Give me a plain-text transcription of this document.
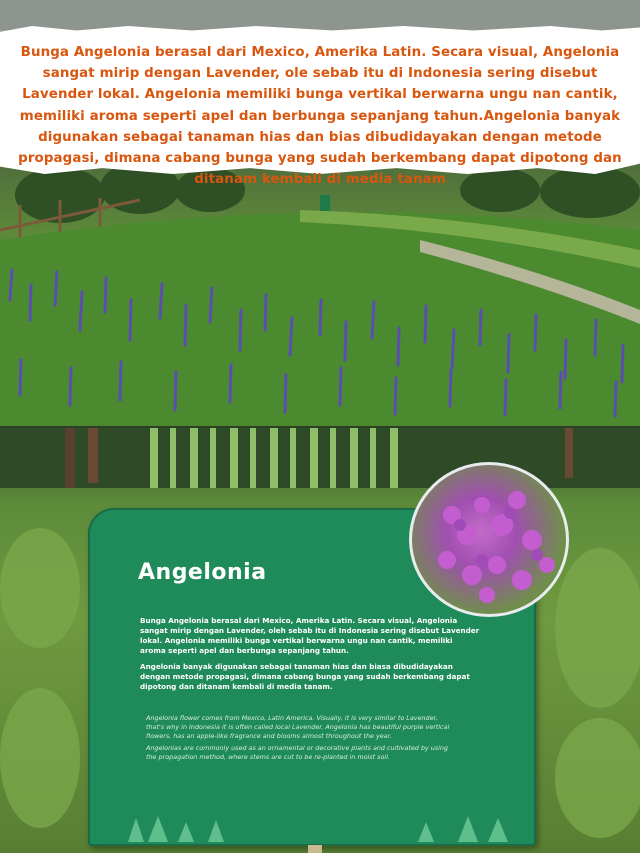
Bunga Angelonia berasal dari Mexico, Amerika Latin. Secara visual, Angelonia sangat mirip dengan Lavender, ole sebab itu di Indonesia sering disebut Lavender lokal. Angelonia memiliki bunga vertikal berwarna ungu nan cantik, memiliki aroma seperti apel dan berbunga sepanjang tahun.Angelonia banyak digunakan sebagai tanaman hias dan bias dibudidayakan dengan metode propagasi, dimana cabang bunga yang sudah berkembang dapat dipotong dan ditanam kembali di media tanam
Angelonia
Bunga Angelonia berasal dari Mexico, Amerika Latin. Secara visual, Angelonia sangat mirip dengan Lavender, oleh sebab itu di Indonesia sering disebut Lavender lokal. Angelonia memiliki bunga vertikal berwarna ungu nan cantik, memiliki aroma seperti apel dan berbunga sepanjang tahun.
Angelonia banyak digunakan sebagai tanaman hias dan biasa dibudidayakan dengan metode propagasi, dimana cabang bunga yang sudah berkembang dapat dipotong dan ditanam kembali di media tanam.
Angelonia flower comes from Mexico, Latin America. Visually, it is very similar to Lavender, that's why in Indonesia it is often called local Lavender. Angelonia has beautiful purple vertical flowers, has an apple-like fragrance and blooms almost throughout the year.
Angelonias are commonly used as an ornamental or decorative plants and cultivated by using the propagation method, where stems are cut to be re-planted in moist soil.
